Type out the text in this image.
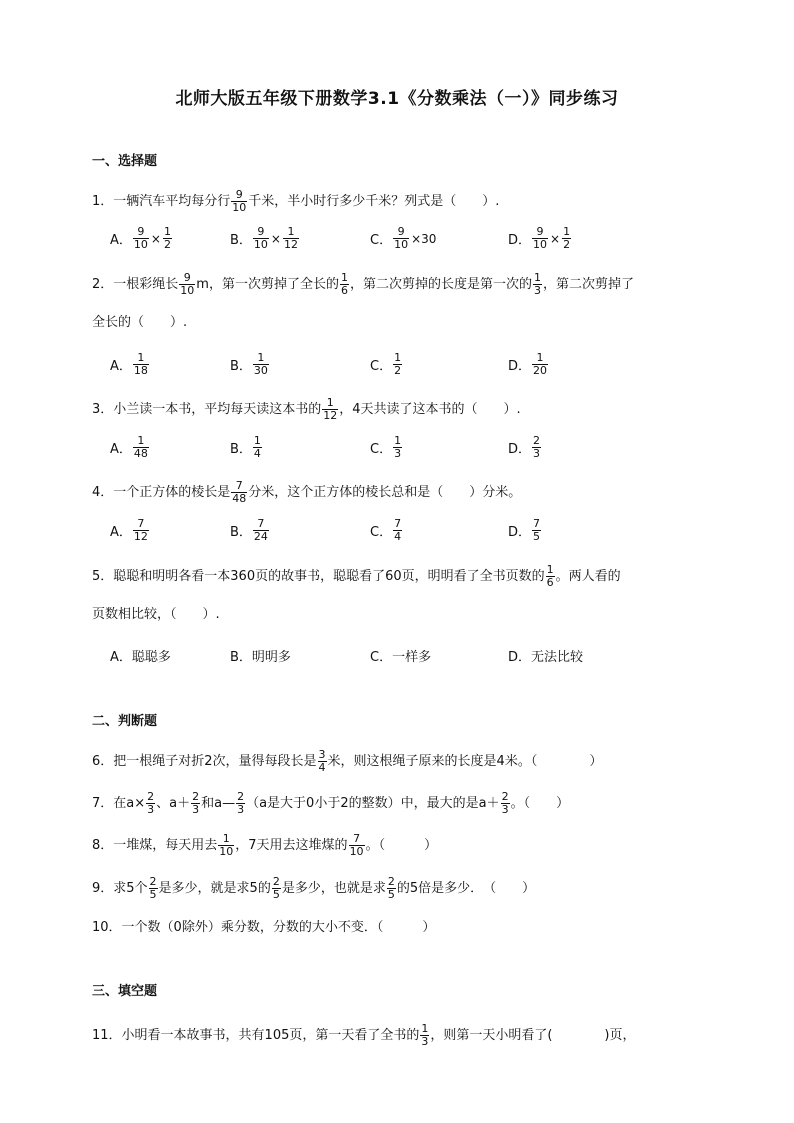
北师大版五年级下册数学3.1《分数乘法（一）》同步练习
一、选择题
1．一辆汽车平均每分行 $\frac{9}{10}$ 千米，半小时行多少千米？列式是（　　）.
A． $\frac{9}{10} \times \frac{1}{2}$	B． $\frac{9}{10} \times \frac{1}{12}$	C． $\frac{9}{10} \times 30$	D． $\frac{9}{10} \times \frac{1}{2}$
2．一根彩绳长 $\frac{9}{10}$ m，第一次剪掉了全长的 $\frac{1}{6}$ ，第二次剪掉的长度是第一次的 $\frac{1}{3}$ ，第二次剪掉了
全长的（　　）.
A． $\frac{1}{18}$	B． $\frac{1}{30}$	C． $\frac{1}{2}$	D． $\frac{1}{20}$
3．小兰读一本书，平均每天读这本书的 $\frac{1}{12}$ ，4天共读了这本书的（　　）.
A． $\frac{1}{48}$	B． $\frac{1}{4}$	C． $\frac{1}{3}$	D． $\frac{2}{3}$
4．一个正方体的棱长是 $\frac{7}{48}$ 分米，这个正方体的棱长总和是（　　）分米。
A． $\frac{7}{12}$	B． $\frac{7}{24}$	C． $\frac{7}{4}$	D． $\frac{7}{5}$
5．聪聪和明明各看一本360页的故事书，聪聪看了60页，明明看了全书页数的 $\frac{1}{6}$ 。两人看的
页数相比较，（　　）.
A．聪聪多	B．明明多	C．一样多	D．无法比较
二、判断题
6．把一根绳子对折2次，量得每段长是 $\frac{3}{4}$ 米，则这根绳子原来的长度是4米。（　　　　）
7．在$a\times \frac{2}{3}$ 、$a+ \frac{2}{3}$ 和a— $\frac{2}{3} (a$是大于0小于2的整数）中，最大的是$a+ \frac{2}{3}$ 。（　　）
8．一堆煤，每天用去 $\frac{1}{10}$ ，7天用去这堆煤的 $\frac{7}{10}$ 。（　　　）
9．求5个 $\frac{2}{5}$ 是多少，就是求5的 $\frac{2}{5}$ 是多少，也就是求 $\frac{2}{5}$ 的5倍是多少．　（　　）
10．一个数（0除外）乘分数，分数的大小不变．（　　　）
三、填空题
11．小明看一本故事书，共有105页，第一天看了全书的 $\frac{1}{3}$ ，则第一天小明看了(　　　　)页，
